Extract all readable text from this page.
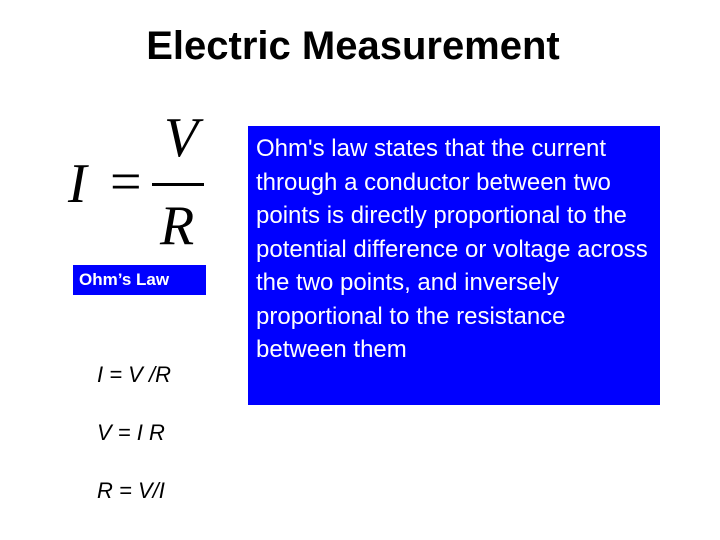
Electric Measurement
I =
V
R
Ohm’s Law
I = V /R
V = I R
R = V/I
Ohm's law states that the current through a conductor between two points is directly proportional to the potential difference or voltage across the two points, and inversely proportional to the resistance between them
